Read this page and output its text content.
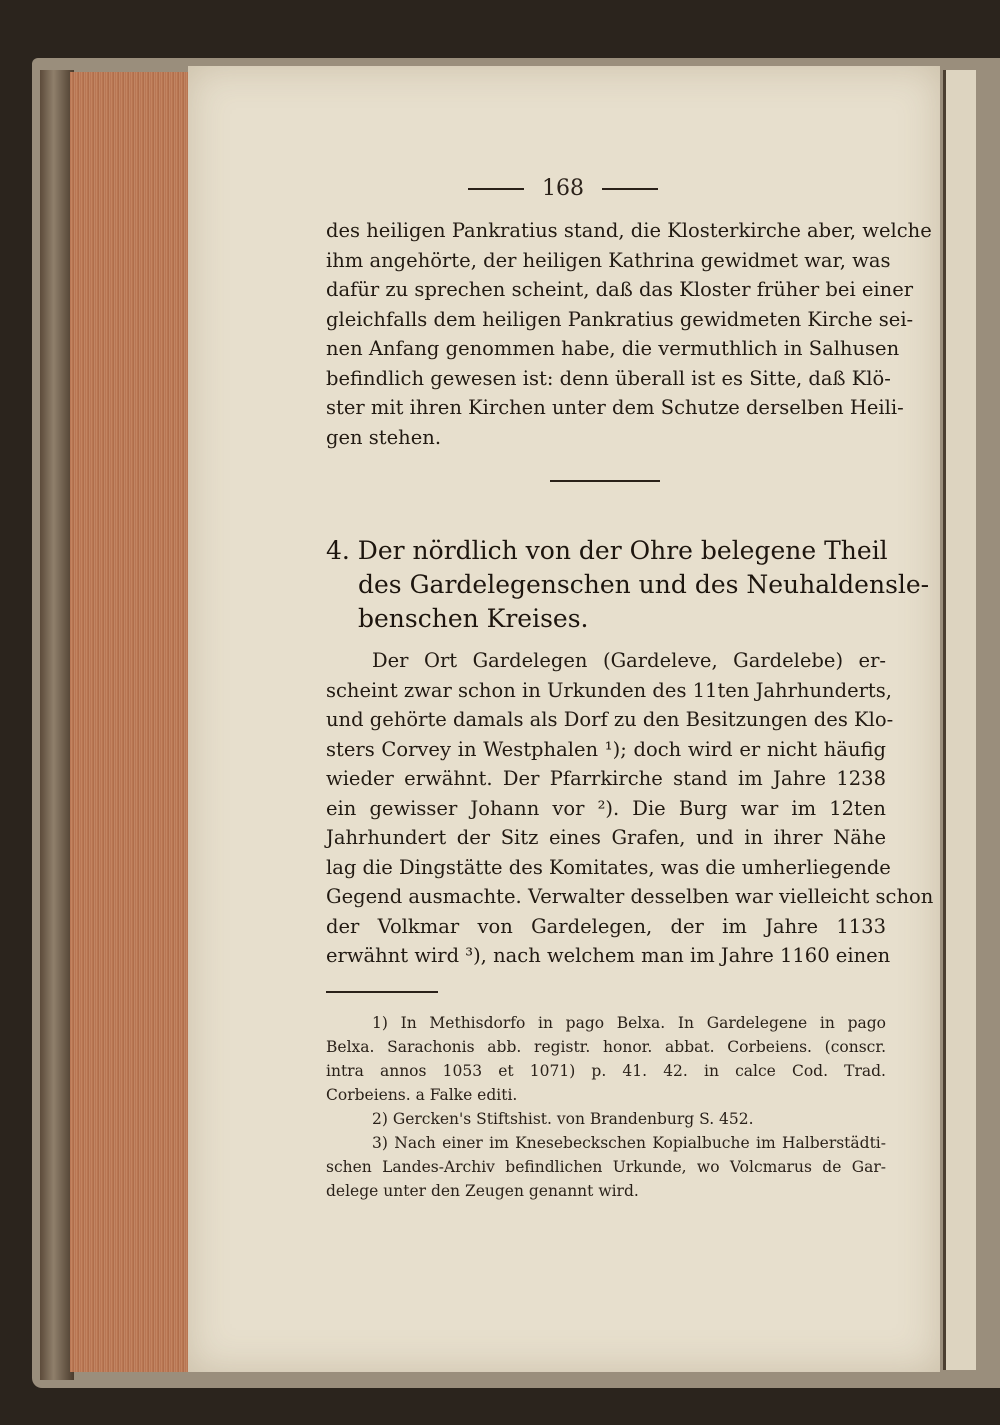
168
des heiligen Pankratius stand, die Klosterkirche aber, welche
ihm angehörte, der heiligen Kathrina gewidmet war, was
dafür zu sprechen scheint, daß das Kloster früher bei einer
gleichfalls dem heiligen Pankratius gewidmeten Kirche sei-
nen Anfang genommen habe, die vermuthlich in Salhusen
befindlich gewesen ist: denn überall ist es Sitte, daß Klö-
ster mit ihren Kirchen unter dem Schutze derselben Heili-
gen stehen.
4. Der nördlich von der Ohre belegene Theil
des Gardelegenschen und des Neuhaldensle-
benschen Kreises.
Der Ort Gardelegen (Gardeleve, Gardelebe) er-
scheint zwar schon in Urkunden des 11ten Jahrhunderts,
und gehörte damals als Dorf zu den Besitzungen des Klo-
sters Corvey in Westphalen ¹); doch wird er nicht häufig
wieder erwähnt. Der Pfarrkirche stand im Jahre 1238
ein gewisser Johann vor ²). Die Burg war im 12ten
Jahrhundert der Sitz eines Grafen, und in ihrer Nähe
lag die Dingstätte des Komitates, was die umherliegende
Gegend ausmachte. Verwalter desselben war vielleicht schon
der Volkmar von Gardelegen, der im Jahre 1133
erwähnt wird ³), nach welchem man im Jahre 1160 einen
1) In Methisdorfo in pago Belxa. In Gardelegene in pago
Belxa. Sarachonis abb. registr. honor. abbat. Corbeiens. (conscr.
intra annos 1053 et 1071) p. 41. 42. in calce Cod. Trad.
Corbeiens. a Falke editi.
2) Gercken's Stiftshist. von Brandenburg S. 452.
3) Nach einer im Knesebeckschen Kopialbuche im Halberstädti-
schen Landes-Archiv befindlichen Urkunde, wo Volcmarus de Gar-
delege unter den Zeugen genannt wird.
